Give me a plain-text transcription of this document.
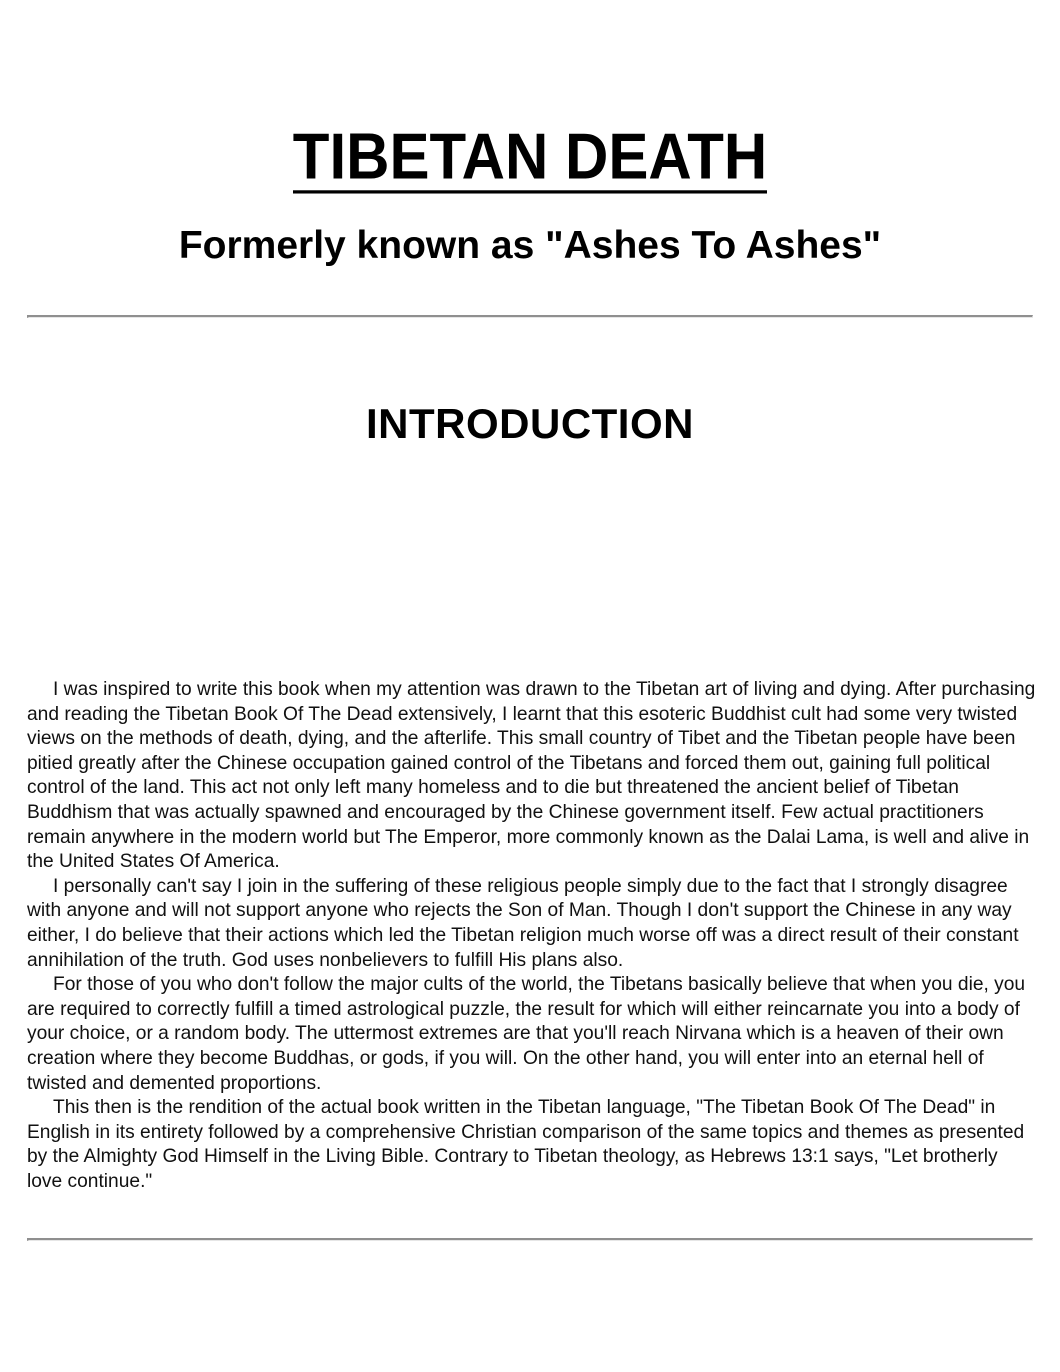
TIBETAN DEATH
Formerly known as "Ashes To Ashes"
INTRODUCTION

I was inspired to write this book when my attention was drawn to the Tibetan art of living and dying. After purchasing and reading the Tibetan Book Of The Dead extensively, I learnt that this esoteric Buddhist cult had some very twisted views on the methods of death, dying, and the afterlife. This small country of Tibet and the Tibetan people have been pitied greatly after the Chinese occupation gained control of the Tibetans and forced them out, gaining full political control of the land. This act not only left many homeless and to die but threatened the ancient belief of Tibetan Buddhism that was actually spawned and encouraged by the Chinese government itself. Few actual practitioners remain anywhere in the modern world but The Emperor, more commonly known as the Dalai Lama, is well and alive in the United States Of America.

I personally can't say I join in the suffering of these religious people simply due to the fact that I strongly disagree with anyone and will not support anyone who rejects the Son of Man. Though I don't support the Chinese in any way either, I do believe that their actions which led the Tibetan religion much worse off was a direct result of their constant annihilation of the truth. God uses nonbelievers to fulfill His plans also.

For those of you who don't follow the major cults of the world, the Tibetans basically believe that when you die, you are required to correctly fulfill a timed astrological puzzle, the result for which will either reincarnate you into a body of your choice, or a random body. The uttermost extremes are that you'll reach Nirvana which is a heaven of their own creation where they become Buddhas, or gods, if you will. On the other hand, you will enter into an eternal hell of twisted and demented proportions.

This then is the rendition of the actual book written in the Tibetan language, "The Tibetan Book Of The Dead" in English in its entirety followed by a comprehensive Christian comparison of the same topics and themes as presented by the Almighty God Himself in the Living Bible. Contrary to Tibetan theology, as Hebrews 13:1 says, "Let brotherly love continue."
